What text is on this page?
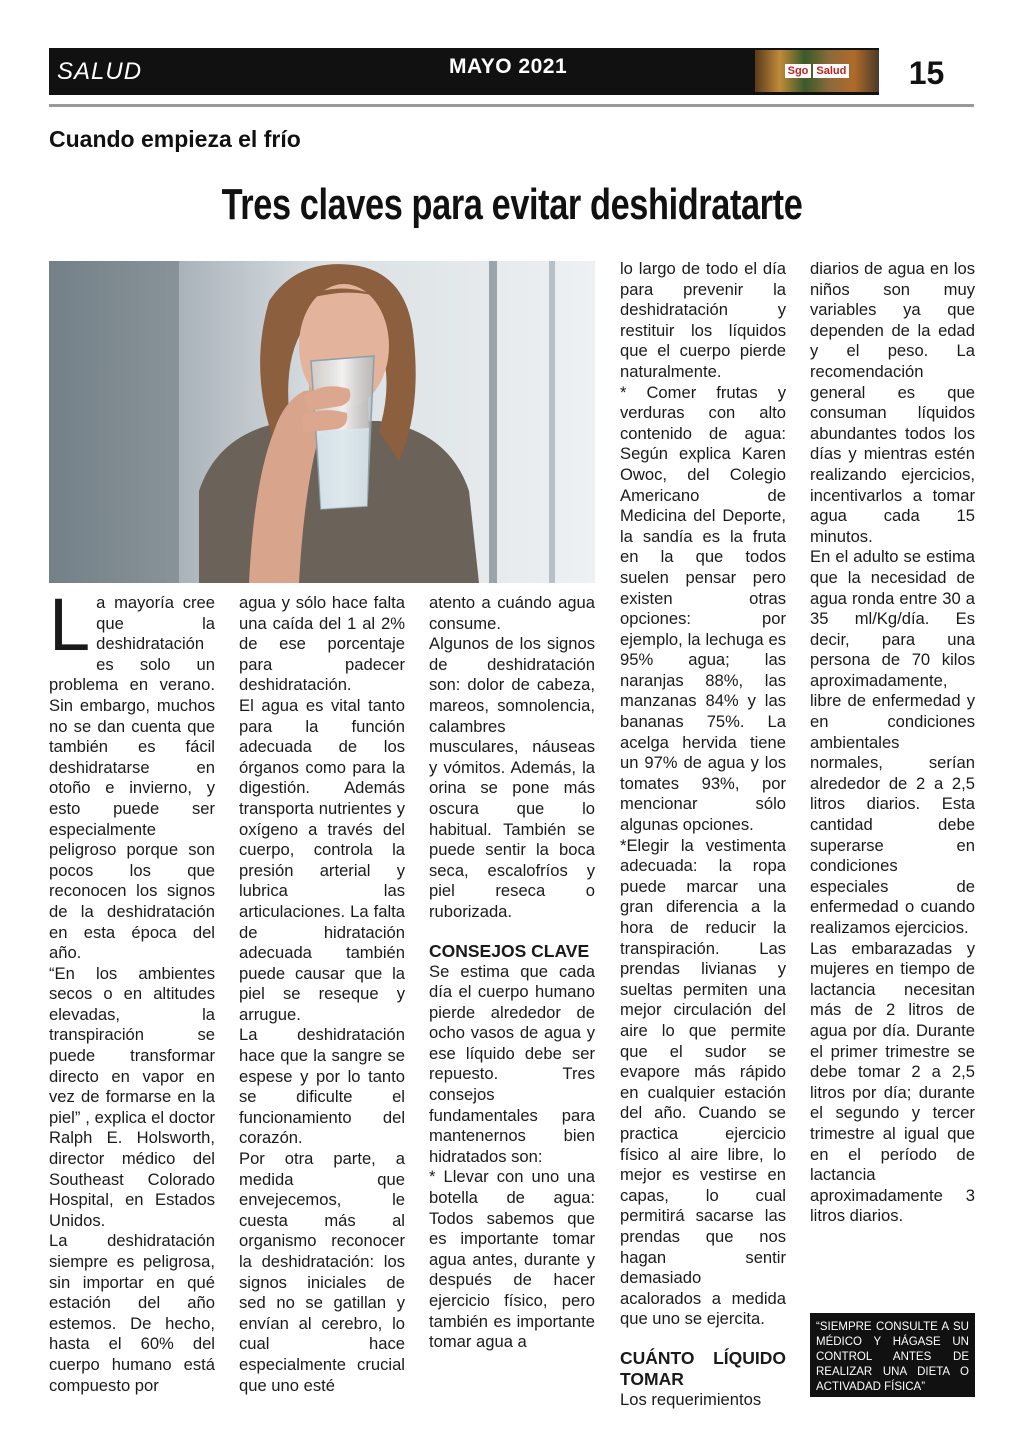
SALUD	MAYO 2021	Sgo Salud	15
Cuando empieza el frío
Tres claves para evitar deshidratarte

La mayoría cree que la deshidratación es solo un problema en verano. Sin embargo, muchos no se dan cuenta que también es fácil deshidratarse en otoño e invierno, y esto puede ser especialmente peligroso porque son pocos los que reconocen los signos de la deshidratación en esta época del año.

“En los ambientes secos o en altitudes elevadas, la transpiración se puede transformar directo en vapor en vez de formarse en la piel” , explica el doctor Ralph E. Holsworth, director médico del Southeast Colorado Hospital, en Estados Unidos.

La deshidratación siempre es peligrosa, sin importar en qué estación del año estemos. De hecho, hasta el 60% del cuerpo humano está compuesto por

agua y sólo hace falta una caída del 1 al 2% de ese porcentaje para padecer deshidratación.

El agua es vital tanto para la función adecuada de los órganos como para la digestión. Además transporta nutrientes y oxígeno a través del cuerpo, controla la presión arterial y lubrica las articulaciones. La falta de hidratación adecuada también puede causar que la piel se reseque y arrugue.

La deshidratación hace que la sangre se espese y por lo tanto se dificulte el funcionamiento del corazón.

Por otra parte, a medida que envejecemos, le cuesta más al organismo reconocer la deshidratación: los signos iniciales de sed no se gatillan y envían al cerebro, lo cual hace especialmente crucial que uno esté

atento a cuándo agua consume.

Algunos de los signos de deshidratación son: dolor de cabeza, mareos, somnolencia, calambres musculares, náuseas y vómitos. Además, la orina se pone más oscura que lo habitual. También se puede sentir la boca seca, escalofríos y piel reseca o ruborizada.

CONSEJOS CLAVE

Se estima que cada día el cuerpo humano pierde alrededor de ocho vasos de agua y ese líquido debe ser repuesto. Tres consejos fundamentales para mantenernos bien hidratados son:

* Llevar con uno una botella de agua: Todos sabemos que es importante tomar agua antes, durante y después de hacer ejercicio físico, pero también es importante tomar agua a

lo largo de todo el día para prevenir la deshidratación y restituir los líquidos que el cuerpo pierde naturalmente.

* Comer frutas y verduras con alto contenido de agua: Según explica Karen Owoc, del Colegio Americano de Medicina del Deporte, la sandía es la fruta en la que todos suelen pensar pero existen otras opciones: por ejemplo, la lechuga es 95% agua; las naranjas 88%, las manzanas 84% y las bananas 75%. La acelga hervida tiene un 97% de agua y los tomates 93%, por mencionar sólo algunas opciones.

*Elegir la vestimenta adecuada: la ropa puede marcar una gran diferencia a la hora de reducir la transpiración. Las prendas livianas y sueltas permiten una mejor circulación del aire lo que permite que el sudor se evapore más rápido en cualquier estación del año. Cuando se practica ejercicio físico al aire libre, lo mejor es vestirse en capas, lo cual permitirá sacarse las prendas que nos hagan sentir demasiado acalorados a medida que uno se ejercita.

CUÁNTO LÍQUIDO TOMAR

Los requerimientos

diarios de agua en los niños son muy variables ya que dependen de la edad y el peso. La recomendación general es que consuman líquidos abundantes todos los días y mientras estén realizando ejercicios, incentivarlos a tomar agua cada 15 minutos.

En el adulto se estima que la necesidad de agua ronda entre 30 a 35 ml/Kg/día. Es decir, para una persona de 70 kilos aproximadamente, libre de enfermedad y en condiciones ambientales normales, serían alrededor de 2 a 2,5 litros diarios. Esta cantidad debe superarse en condiciones especiales de enfermedad o cuando realizamos ejercicios.

Las embarazadas y mujeres en tiempo de lactancia necesitan más de 2 litros de agua por día. Durante el primer trimestre se debe tomar 2 a 2,5 litros por día; durante el segundo y tercer trimestre al igual que en el período de lactancia aproximadamente 3 litros diarios.

“SIEMPRE CONSULTE A SU MÉDICO Y HÁGASE UN CONTROL ANTES DE REALIZAR UNA DIETA O ACTIVADAD FÍSICA”
